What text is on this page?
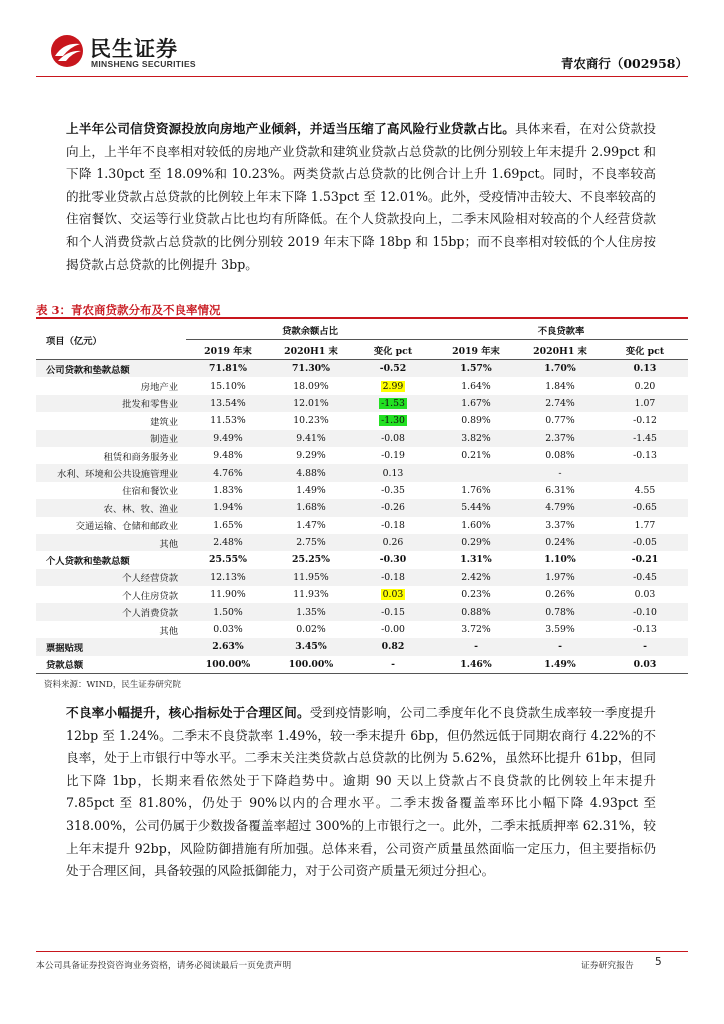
民生证券
MINSHENG SECURITIES	青农商行（002958）
上半年公司信贷资源投放向房地产业倾斜，并适当压缩了高风险行业贷款占比。具体来看，在对公贷款投向上，上半年不良率相对较低的房地产业贷款和建筑业贷款占总贷款的比例分别较上年末提升 2.99pct 和下降 1.30pct 至 18.09%和 10.23%。两类贷款占总贷款的比例合计上升 1.69pct。同时，不良率较高的批零业贷款占总贷款的比例较上年末下降 1.53pct 至 12.01%。此外，受疫情冲击较大、不良率较高的住宿餐饮、交运等行业贷款占比也均有所降低。在个人贷款投向上，二季末风险相对较高的个人经营贷款和个人消费贷款占总贷款的比例分别较 2019 年末下降 18bp 和 15bp；而不良率相对较低的个人住房按揭贷款占总贷款的比例提升 3bp。
表 3：青农商贷款分布及不良率情况
项目（亿元）	贷款余额占比			不良贷款率		
	2019 年末	2020H1 末	变化 pct	2019 年末	2020H1 末	变化 pct
公司贷款和垫款总额	71.81%	71.30%	-0.52	1.57%	1.70%	0.13
房地产业	15.10%	18.09%	2.99	1.64%	1.84%	0.20
批发和零售业	13.54%	12.01%	-1.53	1.67%	2.74%	1.07
建筑业	11.53%	10.23%	-1.30	0.89%	0.77%	-0.12
制造业	9.49%	9.41%	-0.08	3.82%	2.37%	-1.45
租赁和商务服务业	9.48%	9.29%	-0.19	0.21%	0.08%	-0.13
水利、环境和公共设施管理业	4.76%	4.88%	0.13		-	
住宿和餐饮业	1.83%	1.49%	-0.35	1.76%	6.31%	4.55
农、林、牧、渔业	1.94%	1.68%	-0.26	5.44%	4.79%	-0.65
交通运输、仓储和邮政业	1.65%	1.47%	-0.18	1.60%	3.37%	1.77
其他	2.48%	2.75%	0.26	0.29%	0.24%	-0.05
个人贷款和垫款总额	25.55%	25.25%	-0.30	1.31%	1.10%	-0.21
个人经营贷款	12.13%	11.95%	-0.18	2.42%	1.97%	-0.45
个人住房贷款	11.90%	11.93%	0.03	0.23%	0.26%	0.03
个人消费贷款	1.50%	1.35%	-0.15	0.88%	0.78%	-0.10
其他	0.03%	0.02%	-0.00	3.72%	3.59%	-0.13
票据贴现	2.63%	3.45%	0.82	-	-	-
贷款总额	100.00%	100.00%	-	1.46%	1.49%	0.03
资料来源：WIND，民生证券研究院
不良率小幅提升，核心指标处于合理区间。受到疫情影响，公司二季度年化不良贷款生成率较一季度提升 12bp 至 1.24%。二季末不良贷款率 1.49%，较一季末提升 6bp，但仍然远低于同期农商行 4.22%的不良率，处于上市银行中等水平。二季末关注类贷款占总贷款的比例为 5.62%，虽然环比提升 61bp，但同比下降 1bp，长期来看依然处于下降趋势中。逾期 90 天以上贷款占不良贷款的比例较上年末提升 7.85pct 至 81.80%，仍处于 90%以内的合理水平。二季末拨备覆盖率环比小幅下降 4.93pct 至 318.00%，公司仍属于少数拨备覆盖率超过 300%的上市银行之一。此外，二季末抵质押率 62.31%，较上年末提升 92bp，风险防御措施有所加强。总体来看，公司资产质量虽然面临一定压力，但主要指标仍处于合理区间，具备较强的风险抵御能力，对于公司资产质量无须过分担心。
本公司具备证券投资咨询业务资格，请务必阅读最后一页免责声明	证券研究报告 5
